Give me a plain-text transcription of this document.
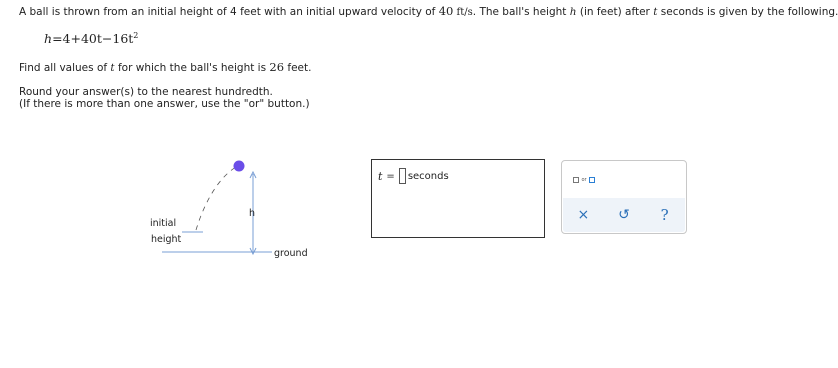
A ball is thrown from an initial height of 4 feet with an initial upward velocity of 40 ft/s. The ball's height h (in feet) after t seconds is given by the following.
$h=4+40t-16t^2$
Find all values of t for which the ball's height is 26 feet.
Round your answer(s) to the nearest hundredth.
(If there is more than one answer, use the "or" button.)
h
initial
height
ground
t = seconds	or
× ↺ ?
